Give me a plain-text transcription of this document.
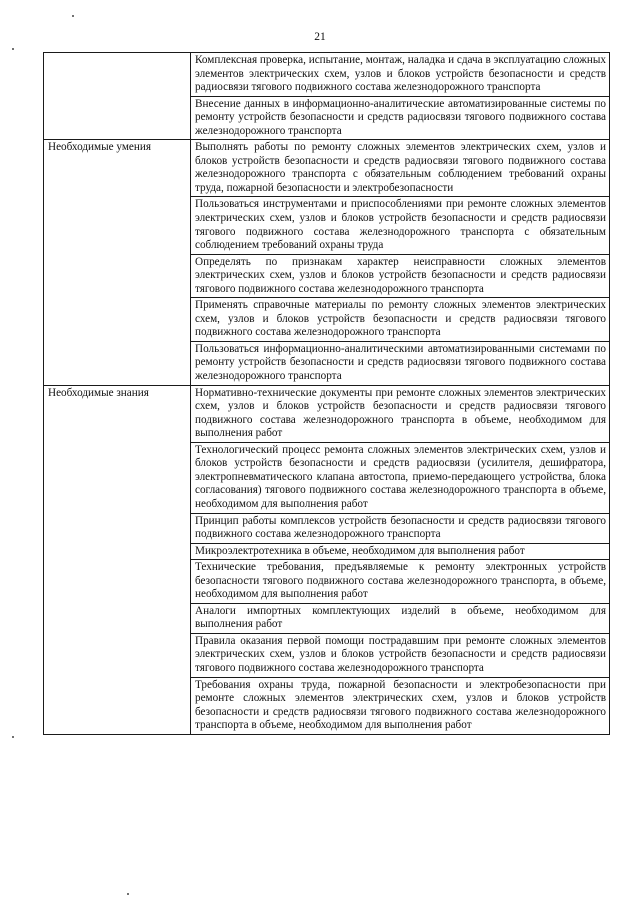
21
	Комплексная проверка, испытание, монтаж, наладка и сдача в эксплуатацию сложных элементов электрических схем, узлов и блоков устройств безопасности и средств радиосвязи тягового подвижного состава железнодорожного транспорта
	Внесение данных в информационно-аналитические автоматизированные системы по ремонту устройств безопасности и средств радиосвязи тягового подвижного состава железнодорожного транспорта
Необходимые умения	Выполнять работы по ремонту сложных элементов электрических схем, узлов и блоков устройств безопасности и средств радиосвязи тягового подвижного состава железнодорожного транспорта с обязательным соблюдением требований охраны труда, пожарной безопасности и электробезопасности
	Пользоваться инструментами и приспособлениями при ремонте сложных элементов электрических схем, узлов и блоков устройств безопасности и средств радиосвязи тягового подвижного состава железнодорожного транспорта с обязательным соблюдением требований охраны труда
	Определять по признакам характер неисправности сложных элементов электрических схем, узлов и блоков устройств безопасности и средств радиосвязи тягового подвижного состава железнодорожного транспорта
	Применять справочные материалы по ремонту сложных элементов электрических схем, узлов и блоков устройств безопасности и средств радиосвязи тягового подвижного состава железнодорожного транспорта
	Пользоваться информационно-аналитическими автоматизированными системами по ремонту устройств безопасности и средств радиосвязи тягового подвижного состава железнодорожного транспорта
Необходимые знания	Нормативно-технические документы при ремонте сложных элементов электрических схем, узлов и блоков устройств безопасности и средств радиосвязи тягового подвижного состава железнодорожного транспорта в объеме, необходимом для выполнения работ
	Технологический процесс ремонта сложных элементов электрических схем, узлов и блоков устройств безопасности и средств радиосвязи (усилителя, дешифратора, электропневматического клапана автостопа, приемо-передающего устройства, блока согласования) тягового подвижного состава железнодорожного транспорта в объеме, необходимом для выполнения работ
	Принцип работы комплексов устройств безопасности и средств радиосвязи тягового подвижного состава железнодорожного транспорта
	Микроэлектротехника в объеме, необходимом для выполнения работ
	Технические требования, предъявляемые к ремонту электронных устройств безопасности тягового подвижного состава железнодорожного транспорта, в объеме, необходимом для выполнения работ
	Аналоги импортных комплектующих изделий в объеме, необходимом для выполнения работ
	Правила оказания первой помощи пострадавшим при ремонте сложных элементов электрических схем, узлов и блоков устройств безопасности и средств радиосвязи тягового подвижного состава железнодорожного транспорта
	Требования охраны труда, пожарной безопасности и электробезопасности при ремонте сложных элементов электрических схем, узлов и блоков устройств безопасности и средств радиосвязи тягового подвижного состава железнодорожного транспорта в объеме, необходимом для выполнения работ
